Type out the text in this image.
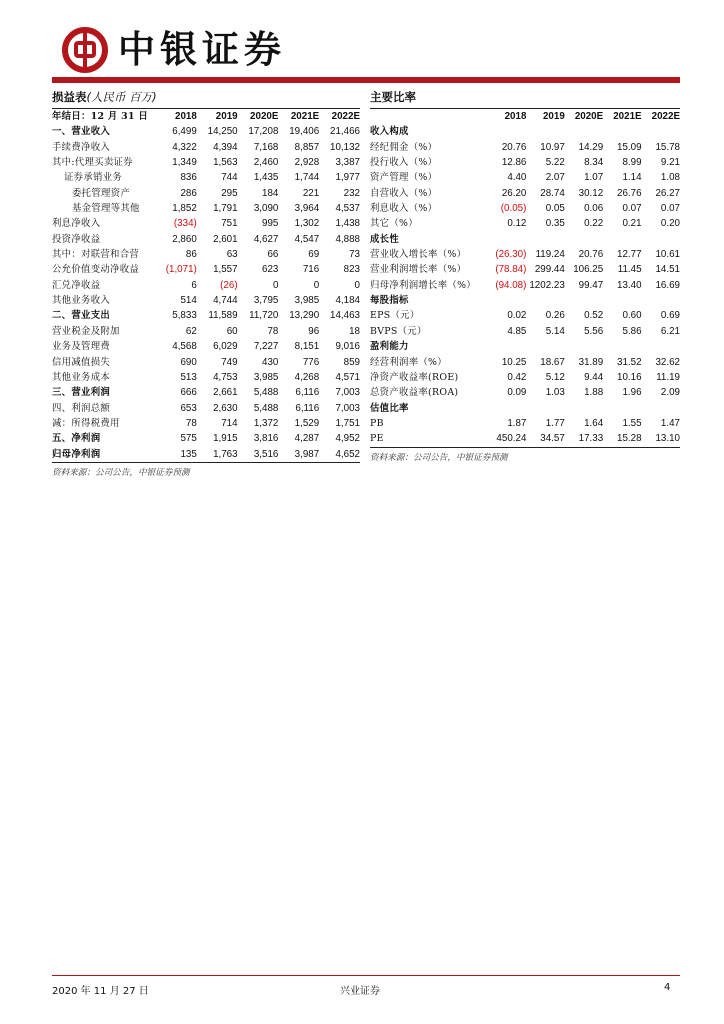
中银证券
损益表(人民币 百万)
年结日：12 月 31 日	2018	2019	2020E	2021E	2022E
一、营业收入	6,499	14,250	17,208	19,406	21,466
手续费净收入	4,322	4,394	7,168	8,857	10,132
其中:代理买卖证券	1,349	1,563	2,460	2,928	3,387
证券承销业务	836	744	1,435	1,744	1,977
委托管理资产	286	295	184	221	232
基金管理等其他	1,852	1,791	3,090	3,964	4,537
利息净收入	(334)	751	995	1,302	1,438
投资净收益	2,860	2,601	4,627	4,547	4,888
其中：对联营和合营	86	63	66	69	73
公允价值变动净收益	(1,071)	1,557	623	716	823
汇兑净收益	6	(26)	0	0	0
其他业务收入	514	4,744	3,795	3,985	4,184
二、营业支出	5,833	11,589	11,720	13,290	14,463
营业税金及附加	62	60	78	96	18
业务及管理费	4,568	6,029	7,227	8,151	9,016
信用减值损失	690	749	430	776	859
其他业务成本	513	4,753	3,985	4,268	4,571
三、营业利润	666	2,661	5,488	6,116	7,003
四、利润总额	653	2,630	5,488	6,116	7,003
减：所得税费用	78	714	1,372	1,529	1,751
五、净利润	575	1,915	3,816	4,287	4,952
归母净利润	135	1,763	3,516	3,987	4,652
资料来源：公司公告，中银证券预测
主要比率
	2018	2019	2020E	2021E	2022E
收入构成					
经纪佣金（%）	20.76	10.97	14.29	15.09	15.78
投行收入（%）	12.86	5.22	8.34	8.99	9.21
资产管理（%）	4.40	2.07	1.07	1.14	1.08
自营收入（%）	26.20	28.74	30.12	26.76	26.27
利息收入（%）	(0.05)	0.05	0.06	0.07	0.07
其它（%）	0.12	0.35	0.22	0.21	0.20
成长性					
营业收入增长率（%）	(26.30)	119.24	20.76	12.77	10.61
营业利润增长率（%）	(78.84)	299.44	106.25	11.45	14.51
归母净利润增长率（%）	(94.08)	1202.23	99.47	13.40	16.69
每股指标					
EPS（元）	0.02	0.26	0.52	0.60	0.69
BVPS（元）	4.85	5.14	5.56	5.86	6.21
盈利能力					
经营利润率（%）	10.25	18.67	31.89	31.52	32.62
净资产收益率(ROE)	0.42	5.12	9.44	10.16	11.19
总资产收益率(ROA)	0.09	1.03	1.88	1.96	2.09
估值比率					
PB	1.87	1.77	1.64	1.55	1.47
PE	450.24	34.57	17.33	15.28	13.10
资料来源：公司公告，中银证券预测
2020 年 11 月 27 日	兴业证券	4
